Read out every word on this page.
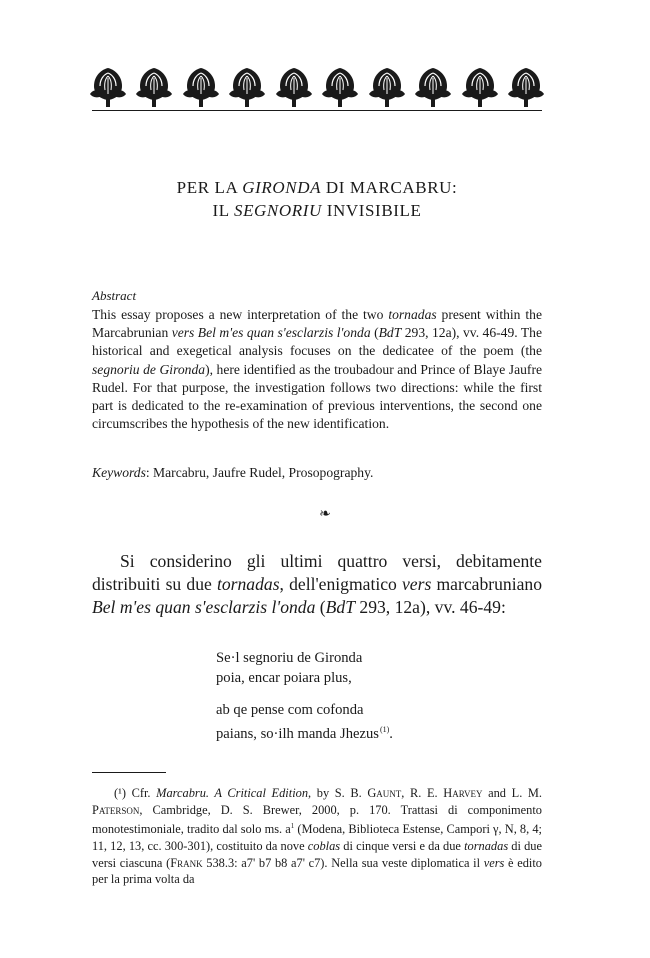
PER LA GIRONDA DI MARCABRU:
IL SEGNORIU INVISIBILE
Abstract
This essay proposes a new interpretation of the two tornadas present within the Marcabrunian vers Bel m'es quan s'esclarzis l'onda (BdT 293, 12a), vv. 46-49. The historical and exegetical analysis focuses on the dedicatee of the poem (the segnoriu de Gironda), here identified as the troubadour and Prince of Blaye Jaufre Rudel. For that purpose, the investigation follows two directions: while the first part is dedicated to the re-examination of previous interventions, the second one circumscribes the hypothesis of the new identification.
Keywords: Marcabru, Jaufre Rudel, Prosopography.
❧
Si considerino gli ultimi quattro versi, debitamente distribuiti su due tornadas, dell'enigmatico vers marcabruniano Bel m'es quan s'esclarzis l'onda (BdT 293, 12a), vv. 46-49:
Se·l segnoriu de Gironda
poia, encar poiara plus,
ab qe pense com cofonda
paians, so·ilh manda Jhezus$^{(1)}$.
(¹) Cfr. Marcabru. A Critical Edition, by S. B. Gaunt, R. E. Harvey and L. M. Paterson, Cambridge, D. S. Brewer, 2000, p. 170. Trattasi di componimento monotestimoniale, tradito dal solo ms. $a^1$ (Modena, Biblioteca Estense, Campori γ, N, 8, 4; 11, 12, 13, cc. 300-301), costituito da nove coblas di cinque versi e da due tornadas di due versi ciascuna (Frank 538.3: a7' b7 b8 a7' c7). Nella sua veste diplomatica il vers è edito per la prima volta da
